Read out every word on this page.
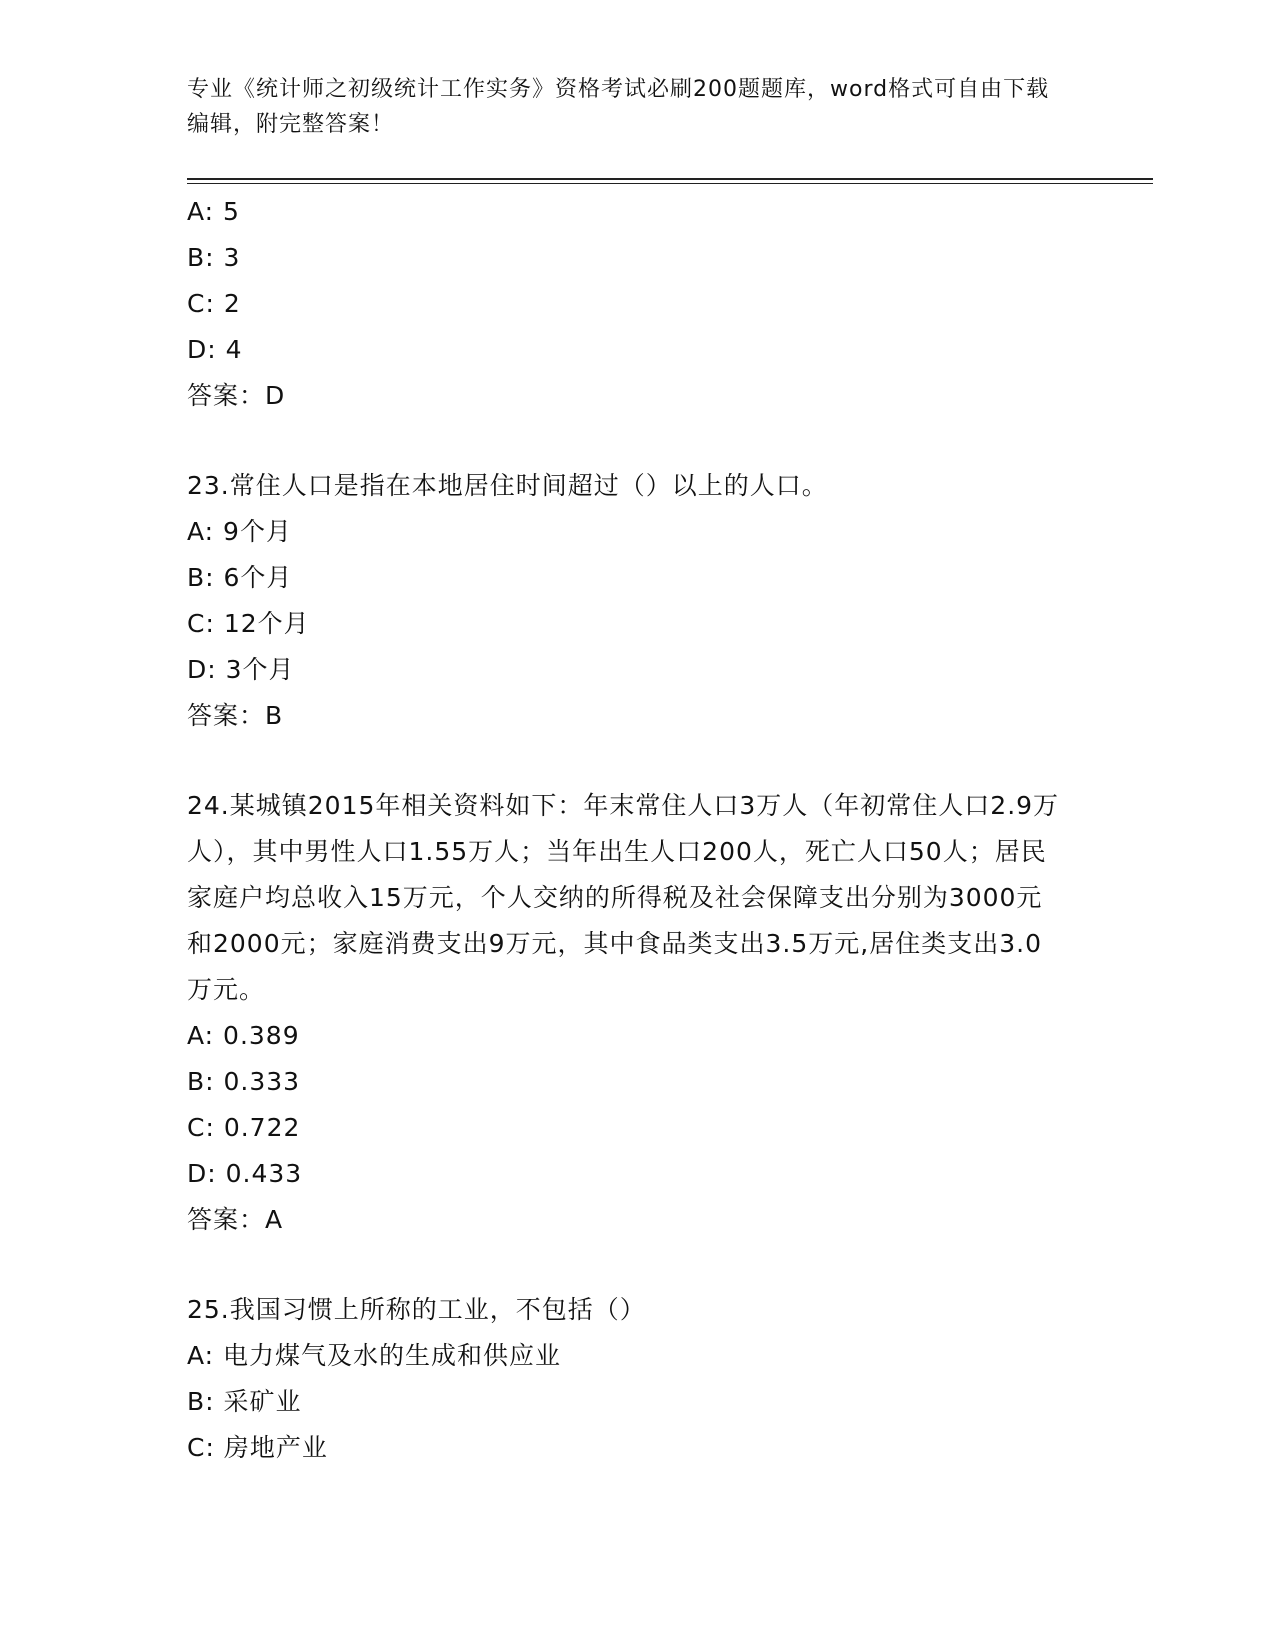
专业《统计师之初级统计工作实务》资格考试必刷200题题库，word格式可自由下载编辑，附完整答案！
A: 5
B: 3
C: 2
D: 4
答案：D
23.常住人口是指在本地居住时间超过（）以上的人口。
A: 9个月
B: 6个月
C: 12个月
D: 3个月
答案：B
24.某城镇2015年相关资料如下：年末常住人口3万人（年初常住人口2.9万人），其中男性人口1.55万人；当年出生人口200人，死亡人口50人；居民家庭户均总收入15万元，个人交纳的所得税及社会保障支出分别为3000元和2000元；家庭消费支出9万元，其中食品类支出3.5万元,居住类支出3.0万元。
A: 0.389
B: 0.333
C: 0.722
D: 0.433
答案：A
25.我国习惯上所称的工业，不包括（）
A: 电力煤气及水的生成和供应业
B: 采矿业
C: 房地产业
